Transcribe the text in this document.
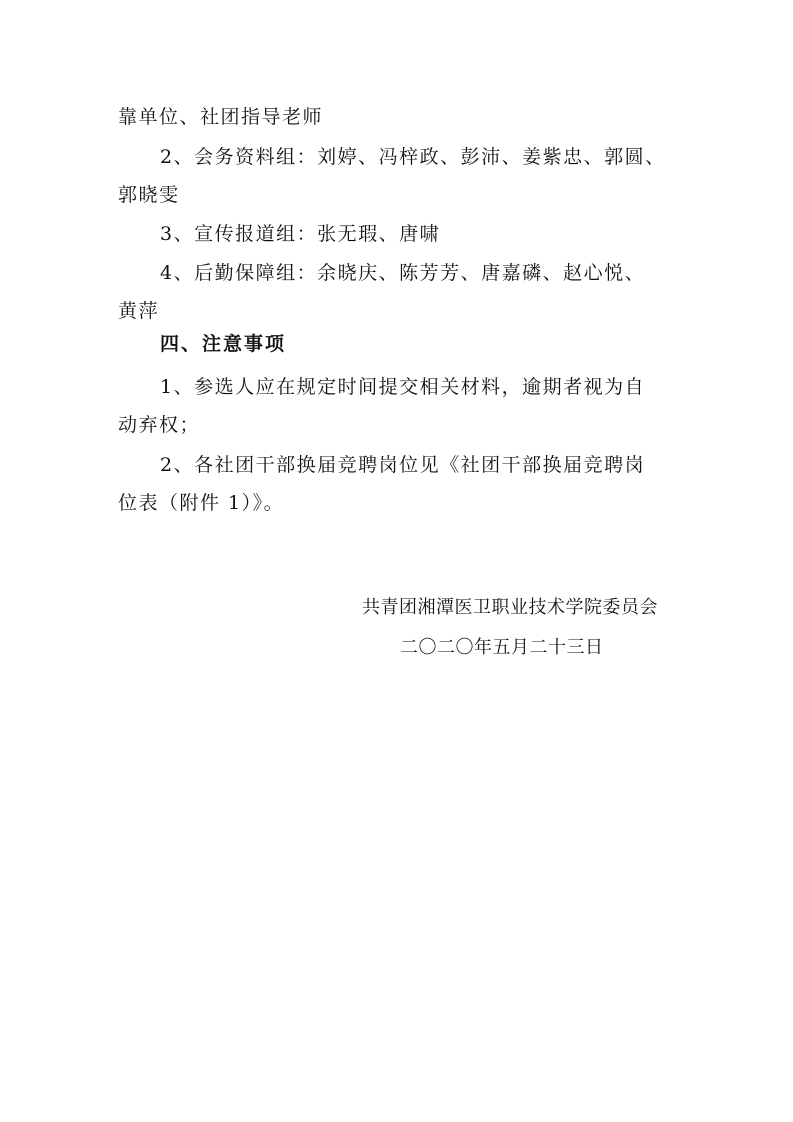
靠单位、社团指导老师
2、会务资料组：刘婷、冯梓政、彭沛、姜紫忠、郭圆、
郭晓雯
3、宣传报道组：张无瑕、唐啸
4、后勤保障组：余晓庆、陈芳芳、唐嘉磷、赵心悦、
黄萍
四、注意事项
1、参选人应在规定时间提交相关材料，逾期者视为自
动弃权；
2、各社团干部换届竞聘岗位见《社团干部换届竞聘岗
位表（附件 1）》。
共青团湘潭医卫职业技术学院委员会
二〇二〇年五月二十三日
